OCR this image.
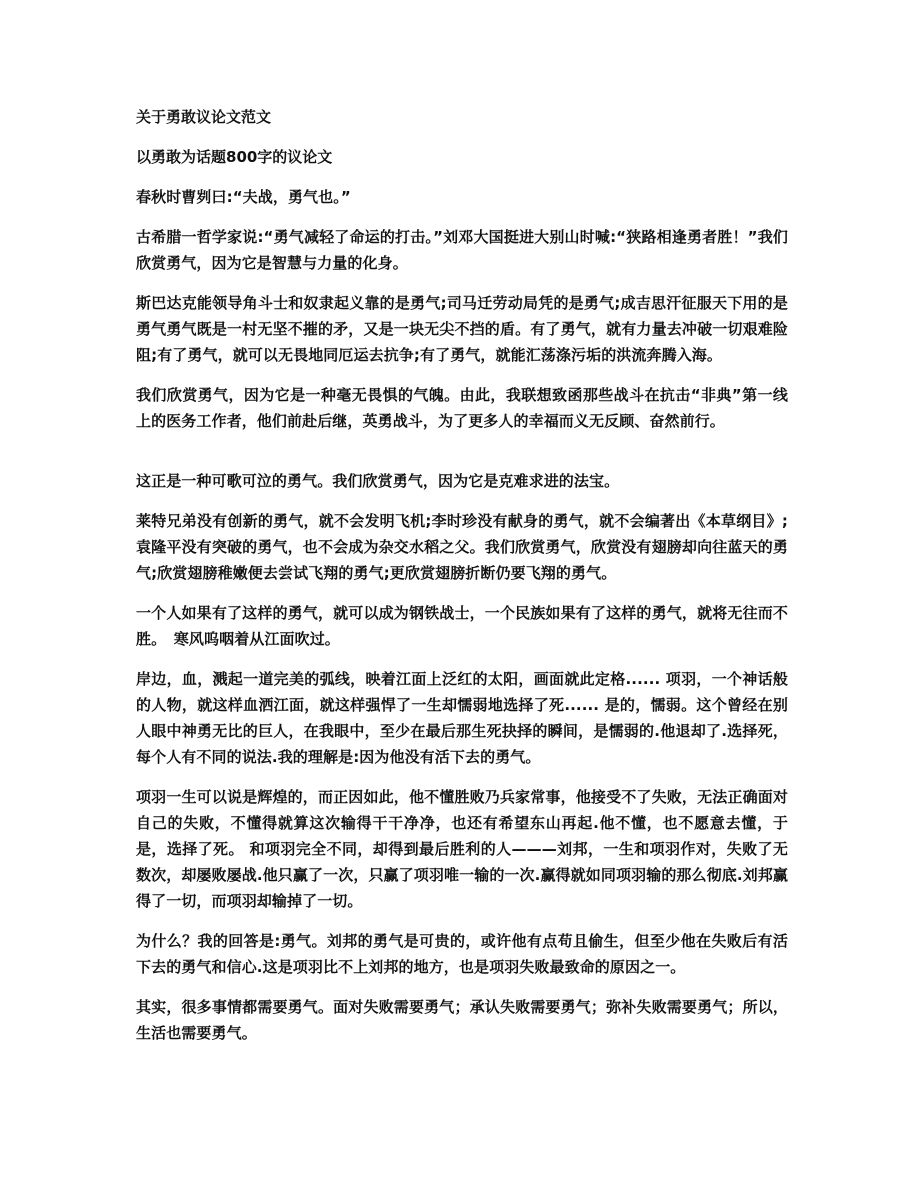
关于勇敢议论文范文
以勇敢为话题800字的议论文

春秋时曹刿曰:“夫战，勇气也。”

古希腊一哲学家说:“勇气减轻了命运的打击。”刘邓大国挺进大别山时喊:“狭路相逢勇者胜！”我们欣赏勇气，因为它是智慧与力量的化身。

斯巴达克能领导角斗士和奴隶起义靠的是勇气;司马迁劳动局凭的是勇气;成吉思汗征服天下用的是勇气勇气既是一村无坚不摧的矛，又是一块无尖不挡的盾。有了勇气，就有力量去冲破一切艰难险阻;有了勇气，就可以无畏地同厄运去抗争;有了勇气，就能汇荡涤污垢的洪流奔腾入海。

我们欣赏勇气，因为它是一种毫无畏惧的气魄。由此，我联想致函那些战斗在抗击“非典”第一线上的医务工作者，他们前赴后继，英勇战斗，为了更多人的幸福而义无反顾、奋然前行。

这正是一种可歌可泣的勇气。我们欣赏勇气，因为它是克难求进的法宝。

莱特兄弟没有创新的勇气，就不会发明飞机;李时珍没有献身的勇气，就不会编著出《本草纲目》;袁隆平没有突破的勇气，也不会成为杂交水稻之父。我们欣赏勇气，欣赏没有翅膀却向往蓝天的勇气;欣赏翅膀稚嫩便去尝试飞翔的勇气;更欣赏翅膀折断仍要飞翔的勇气。

一个人如果有了这样的勇气，就可以成为钢铁战士，一个民族如果有了这样的勇气，就将无往而不胜。　寒风呜咽着从江面吹过。

岸边，血，溅起一道完美的弧线，映着江面上泛红的太阳，画面就此定格...... 项羽，一个神话般的人物，就这样血洒江面，就这样强悍了一生却懦弱地选择了死...... 是的，懦弱。这个曾经在别人眼中神勇无比的巨人，在我眼中，至少在最后那生死抉择的瞬间，是懦弱的.他退却了.选择死，每个人有不同的说法.我的理解是:因为他没有活下去的勇气。

项羽一生可以说是辉煌的，而正因如此，他不懂胜败乃兵家常事，他接受不了失败，无法正确面对自己的失败，不懂得就算这次输得干干净净，也还有希望东山再起.他不懂，也不愿意去懂，于是，选择了死。 和项羽完全不同，却得到最后胜利的人———刘邦，一生和项羽作对，失败了无数次，却屡败屡战.他只赢了一次，只赢了项羽唯一输的一次.赢得就如同项羽输的那么彻底.刘邦赢得了一切，而项羽却输掉了一切。

为什么？我的回答是:勇气。刘邦的勇气是可贵的，或许他有点苟且偷生，但至少他在失败后有活下去的勇气和信心.这是项羽比不上刘邦的地方，也是项羽失败最致命的原因之一。

其实，很多事情都需要勇气。面对失败需要勇气；承认失败需要勇气；弥补失败需要勇气；所以，生活也需要勇气。
